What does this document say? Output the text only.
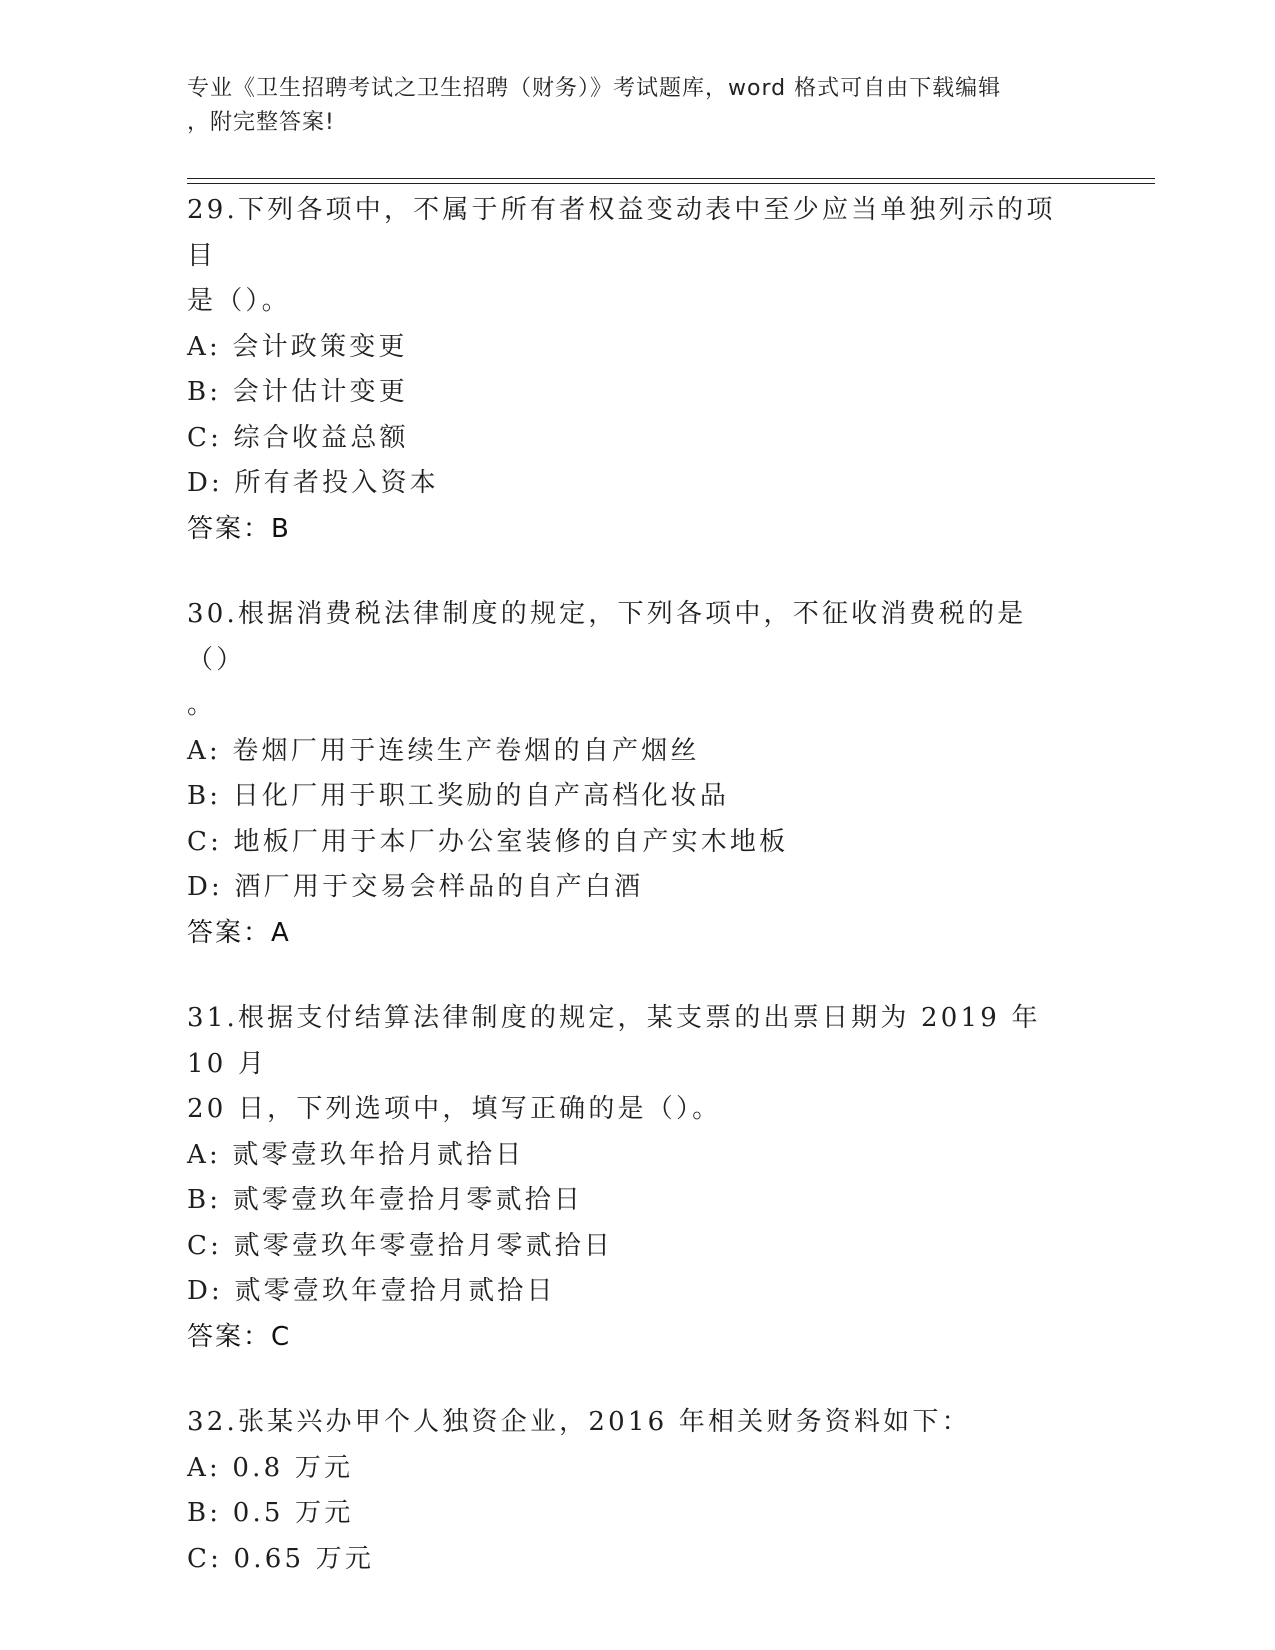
专业《卫生招聘考试之卫生招聘（财务）》考试题库，word 格式可自由下载编辑
，附完整答案!
29.下列各项中，不属于所有者权益变动表中至少应当单独列示的项目
是（）。
A: 会计政策变更
B: 会计估计变更
C: 综合收益总额
D: 所有者投入资本
答案：B
30.根据消费税法律制度的规定，下列各项中，不征收消费税的是（）
。
A: 卷烟厂用于连续生产卷烟的自产烟丝
B: 日化厂用于职工奖励的自产高档化妆品
C: 地板厂用于本厂办公室装修的自产实木地板
D: 酒厂用于交易会样品的自产白酒
答案：A
31.根据支付结算法律制度的规定，某支票的出票日期为 2019 年 10 月
20 日，下列选项中，填写正确的是（）。
A: 贰零壹玖年拾月贰拾日
B: 贰零壹玖年壹拾月零贰拾日
C: 贰零壹玖年零壹拾月零贰拾日
D: 贰零壹玖年壹拾月贰拾日
答案：C
32.张某兴办甲个人独资企业，2016 年相关财务资料如下：
A: 0.8 万元
B: 0.5 万元
C: 0.65 万元
